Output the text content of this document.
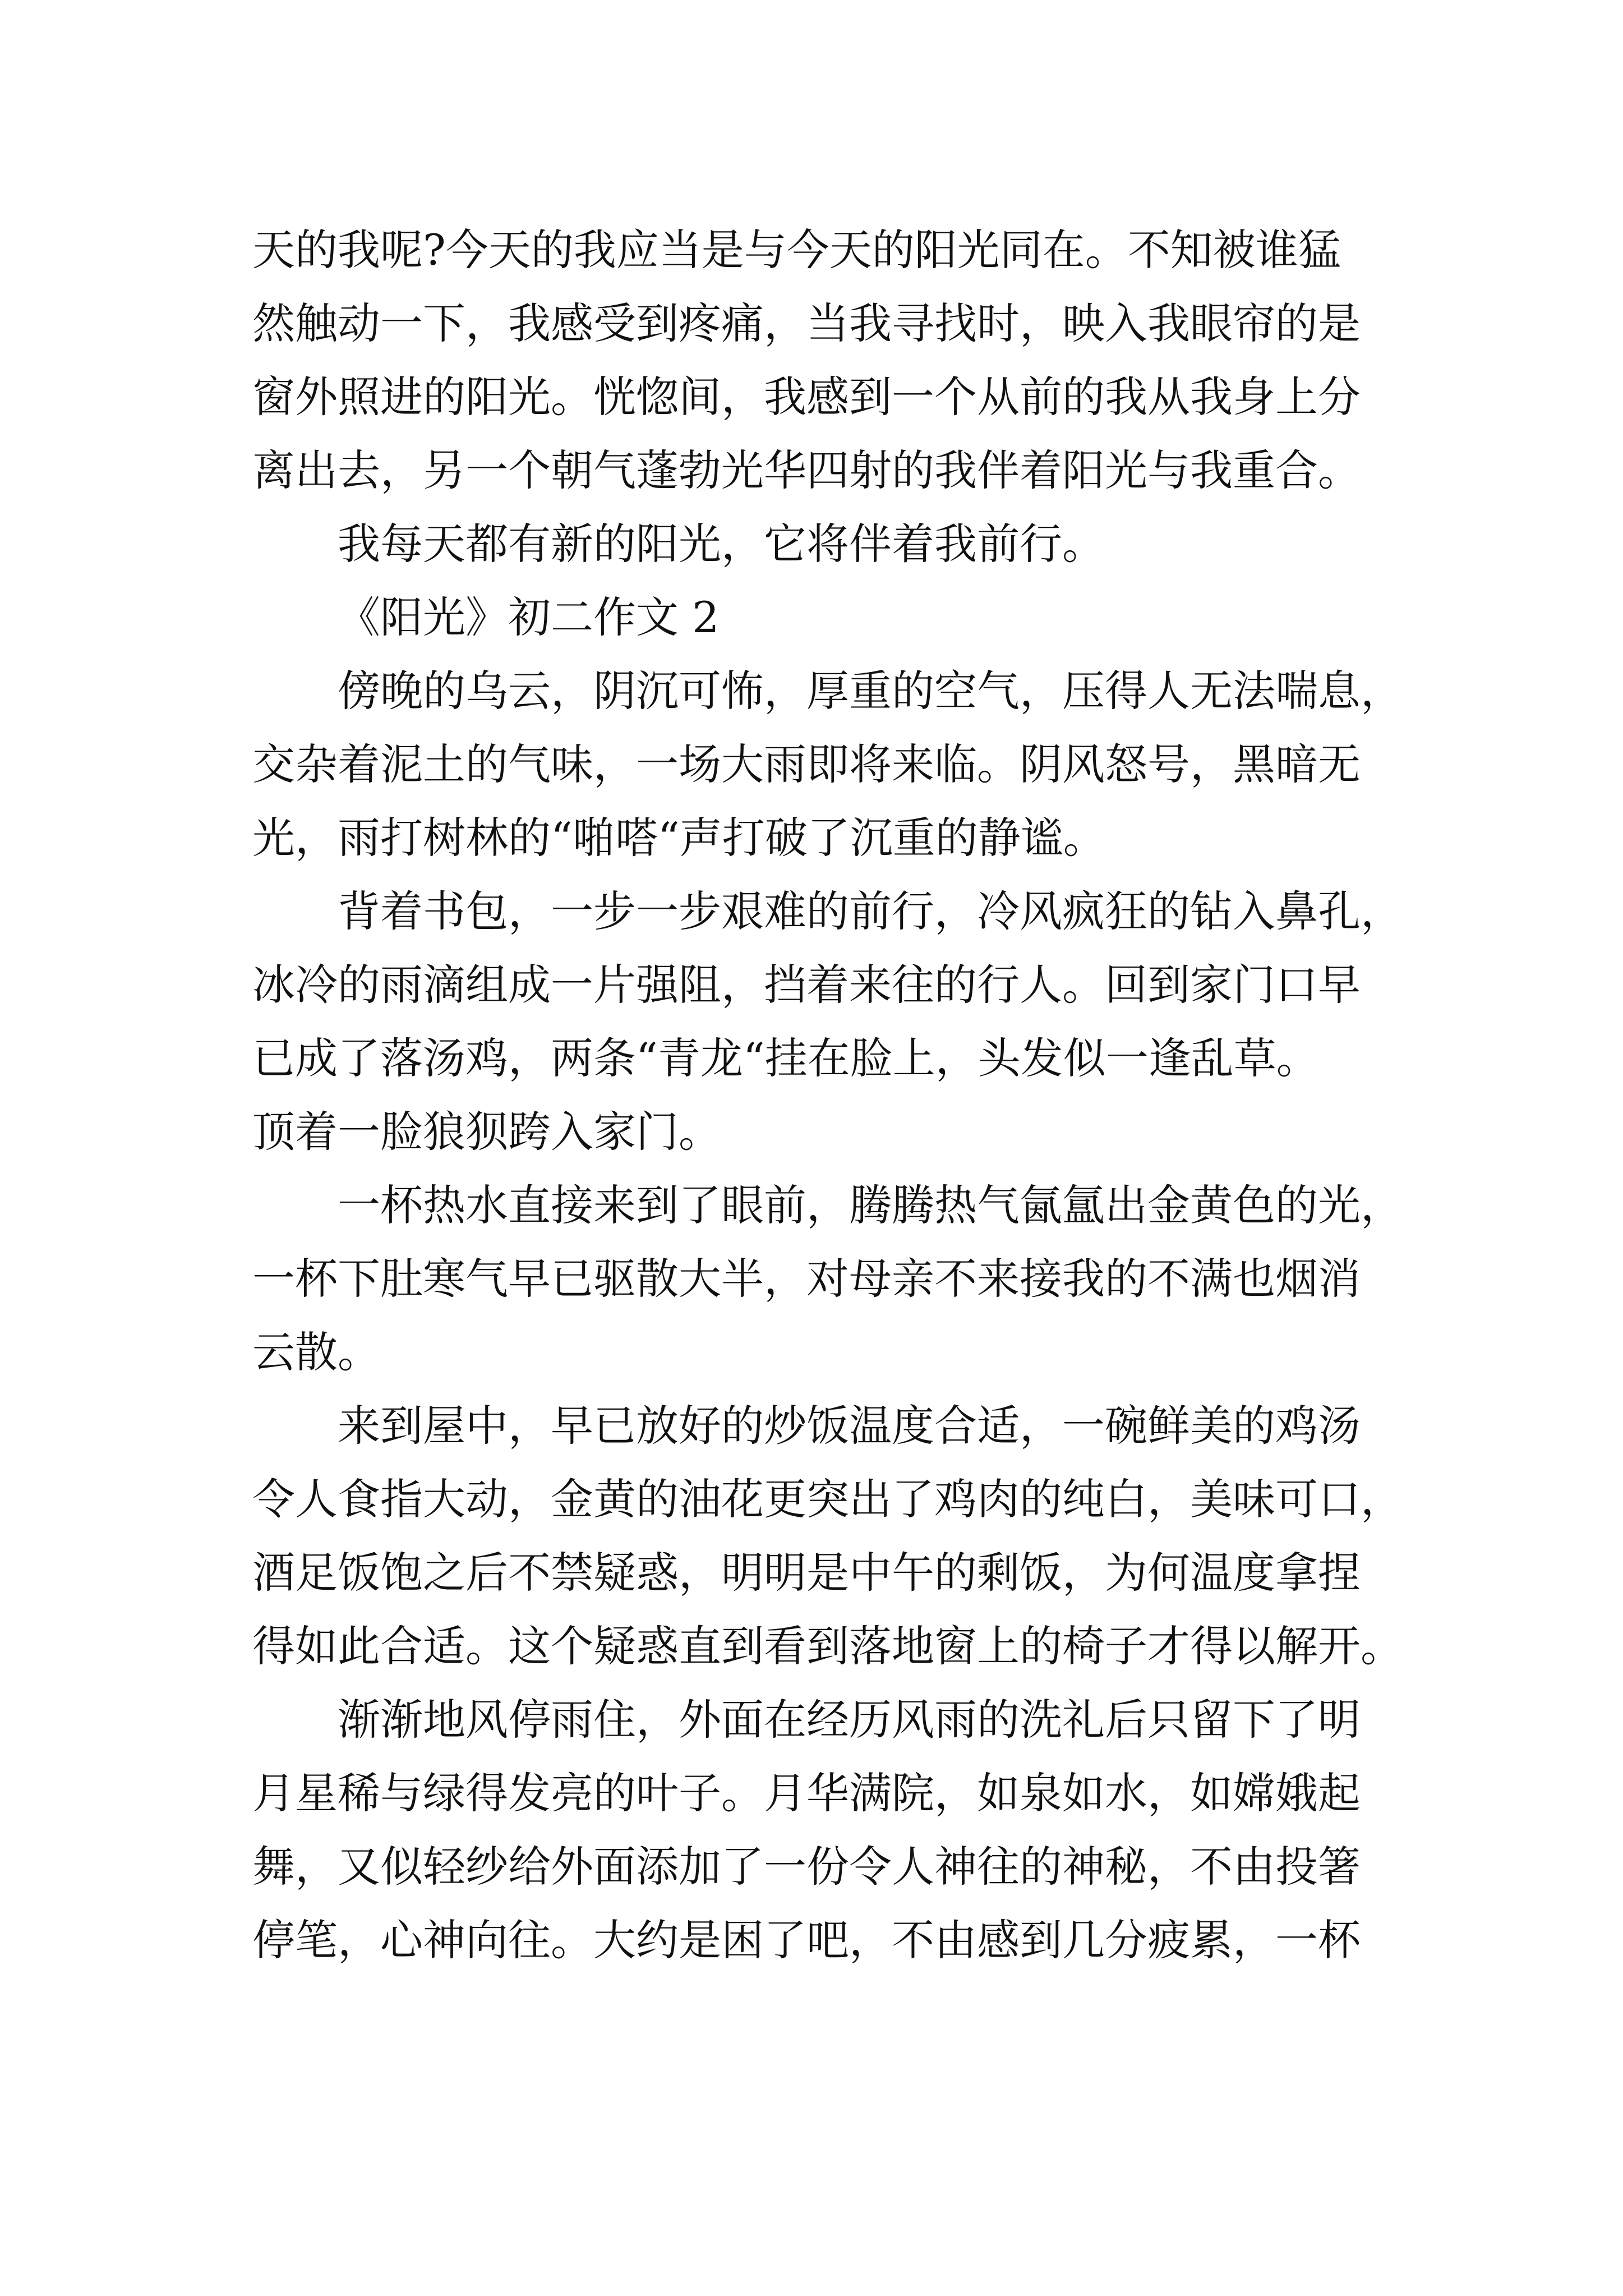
天的我呢?今天的我应当是与今天的阳光同在。不知被谁猛
然触动一下，我感受到疼痛，当我寻找时，映入我眼帘的是
窗外照进的阳光。恍惚间，我感到一个从前的我从我身上分
离出去，另一个朝气蓬勃光华四射的我伴着阳光与我重合。
我每天都有新的阳光，它将伴着我前行。
《阳光》初二作文 2
傍晚的乌云，阴沉可怖，厚重的空气，压得人无法喘息，
交杂着泥土的气味，一场大雨即将来临。阴风怒号，黑暗无
光，雨打树林的“啪嗒“声打破了沉重的静谧。
背着书包，一步一步艰难的前行，冷风疯狂的钻入鼻孔，
冰冷的雨滴组成一片强阻，挡着来往的行人。回到家门口早
已成了落汤鸡，两条“青龙“挂在脸上，头发似一逢乱草。
顶着一脸狼狈跨入家门。
一杯热水直接来到了眼前，腾腾热气氤氲出金黄色的光，
一杯下肚寒气早已驱散大半，对母亲不来接我的不满也烟消
云散。
来到屋中，早已放好的炒饭温度合适，一碗鲜美的鸡汤
令人食指大动，金黄的油花更突出了鸡肉的纯白，美味可口，
酒足饭饱之后不禁疑惑，明明是中午的剩饭，为何温度拿捏
得如此合适。这个疑惑直到看到落地窗上的椅子才得以解开。
渐渐地风停雨住，外面在经历风雨的洗礼后只留下了明
月星稀与绿得发亮的叶子。月华满院，如泉如水，如嫦娥起
舞，又似轻纱给外面添加了一份令人神往的神秘，不由投箸
停笔，心神向往。大约是困了吧，不由感到几分疲累，一杯
